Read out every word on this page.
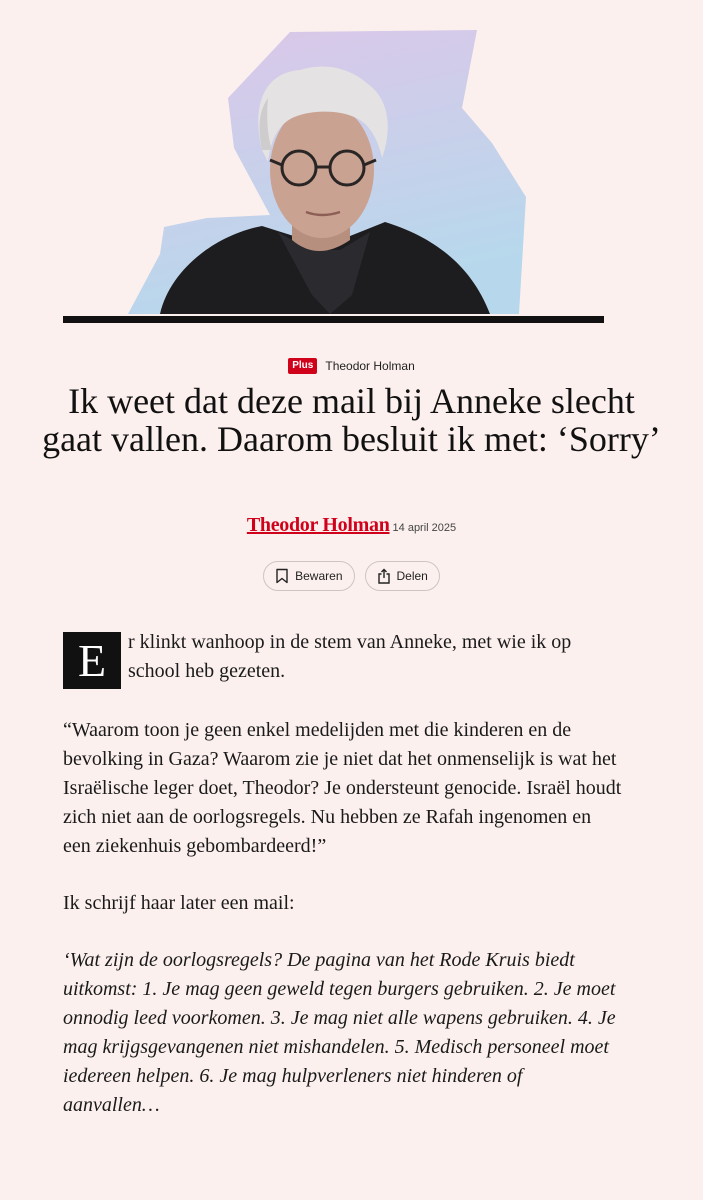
Plus	Theodor Holman
Ik weet dat deze mail bij Anneke slecht gaat vallen. Daarom besluit ik met: ‘Sorry’
Theodor Holman 14 april 2025
Bewaren	Delen
E	r klinkt wanhoop in de stem van Anneke, met wie ik op school heb gezeten.

“Waarom toon je geen enkel medelijden met die kinderen en de bevolking in Gaza? Waarom zie je niet dat het onmenselijk is wat het Israëlische leger doet, Theodor? Je ondersteunt genocide. Israël houdt zich niet aan de oorlogsregels. Nu hebben ze Rafah ingenomen en een ziekenhuis gebombardeerd!”

Ik schrijf haar later een mail:

‘Wat zijn de oorlogsregels? De pagina van het Rode Kruis biedt uitkomst: 1. Je mag geen geweld tegen burgers gebruiken. 2. Je moet onnodig leed voorkomen. 3. Je mag niet alle wapens gebruiken. 4. Je mag krijgsgevangenen niet mishandelen. 5. Medisch personeel moet iedereen helpen. 6. Je mag hulpverleners niet hinderen of aanvallen…
